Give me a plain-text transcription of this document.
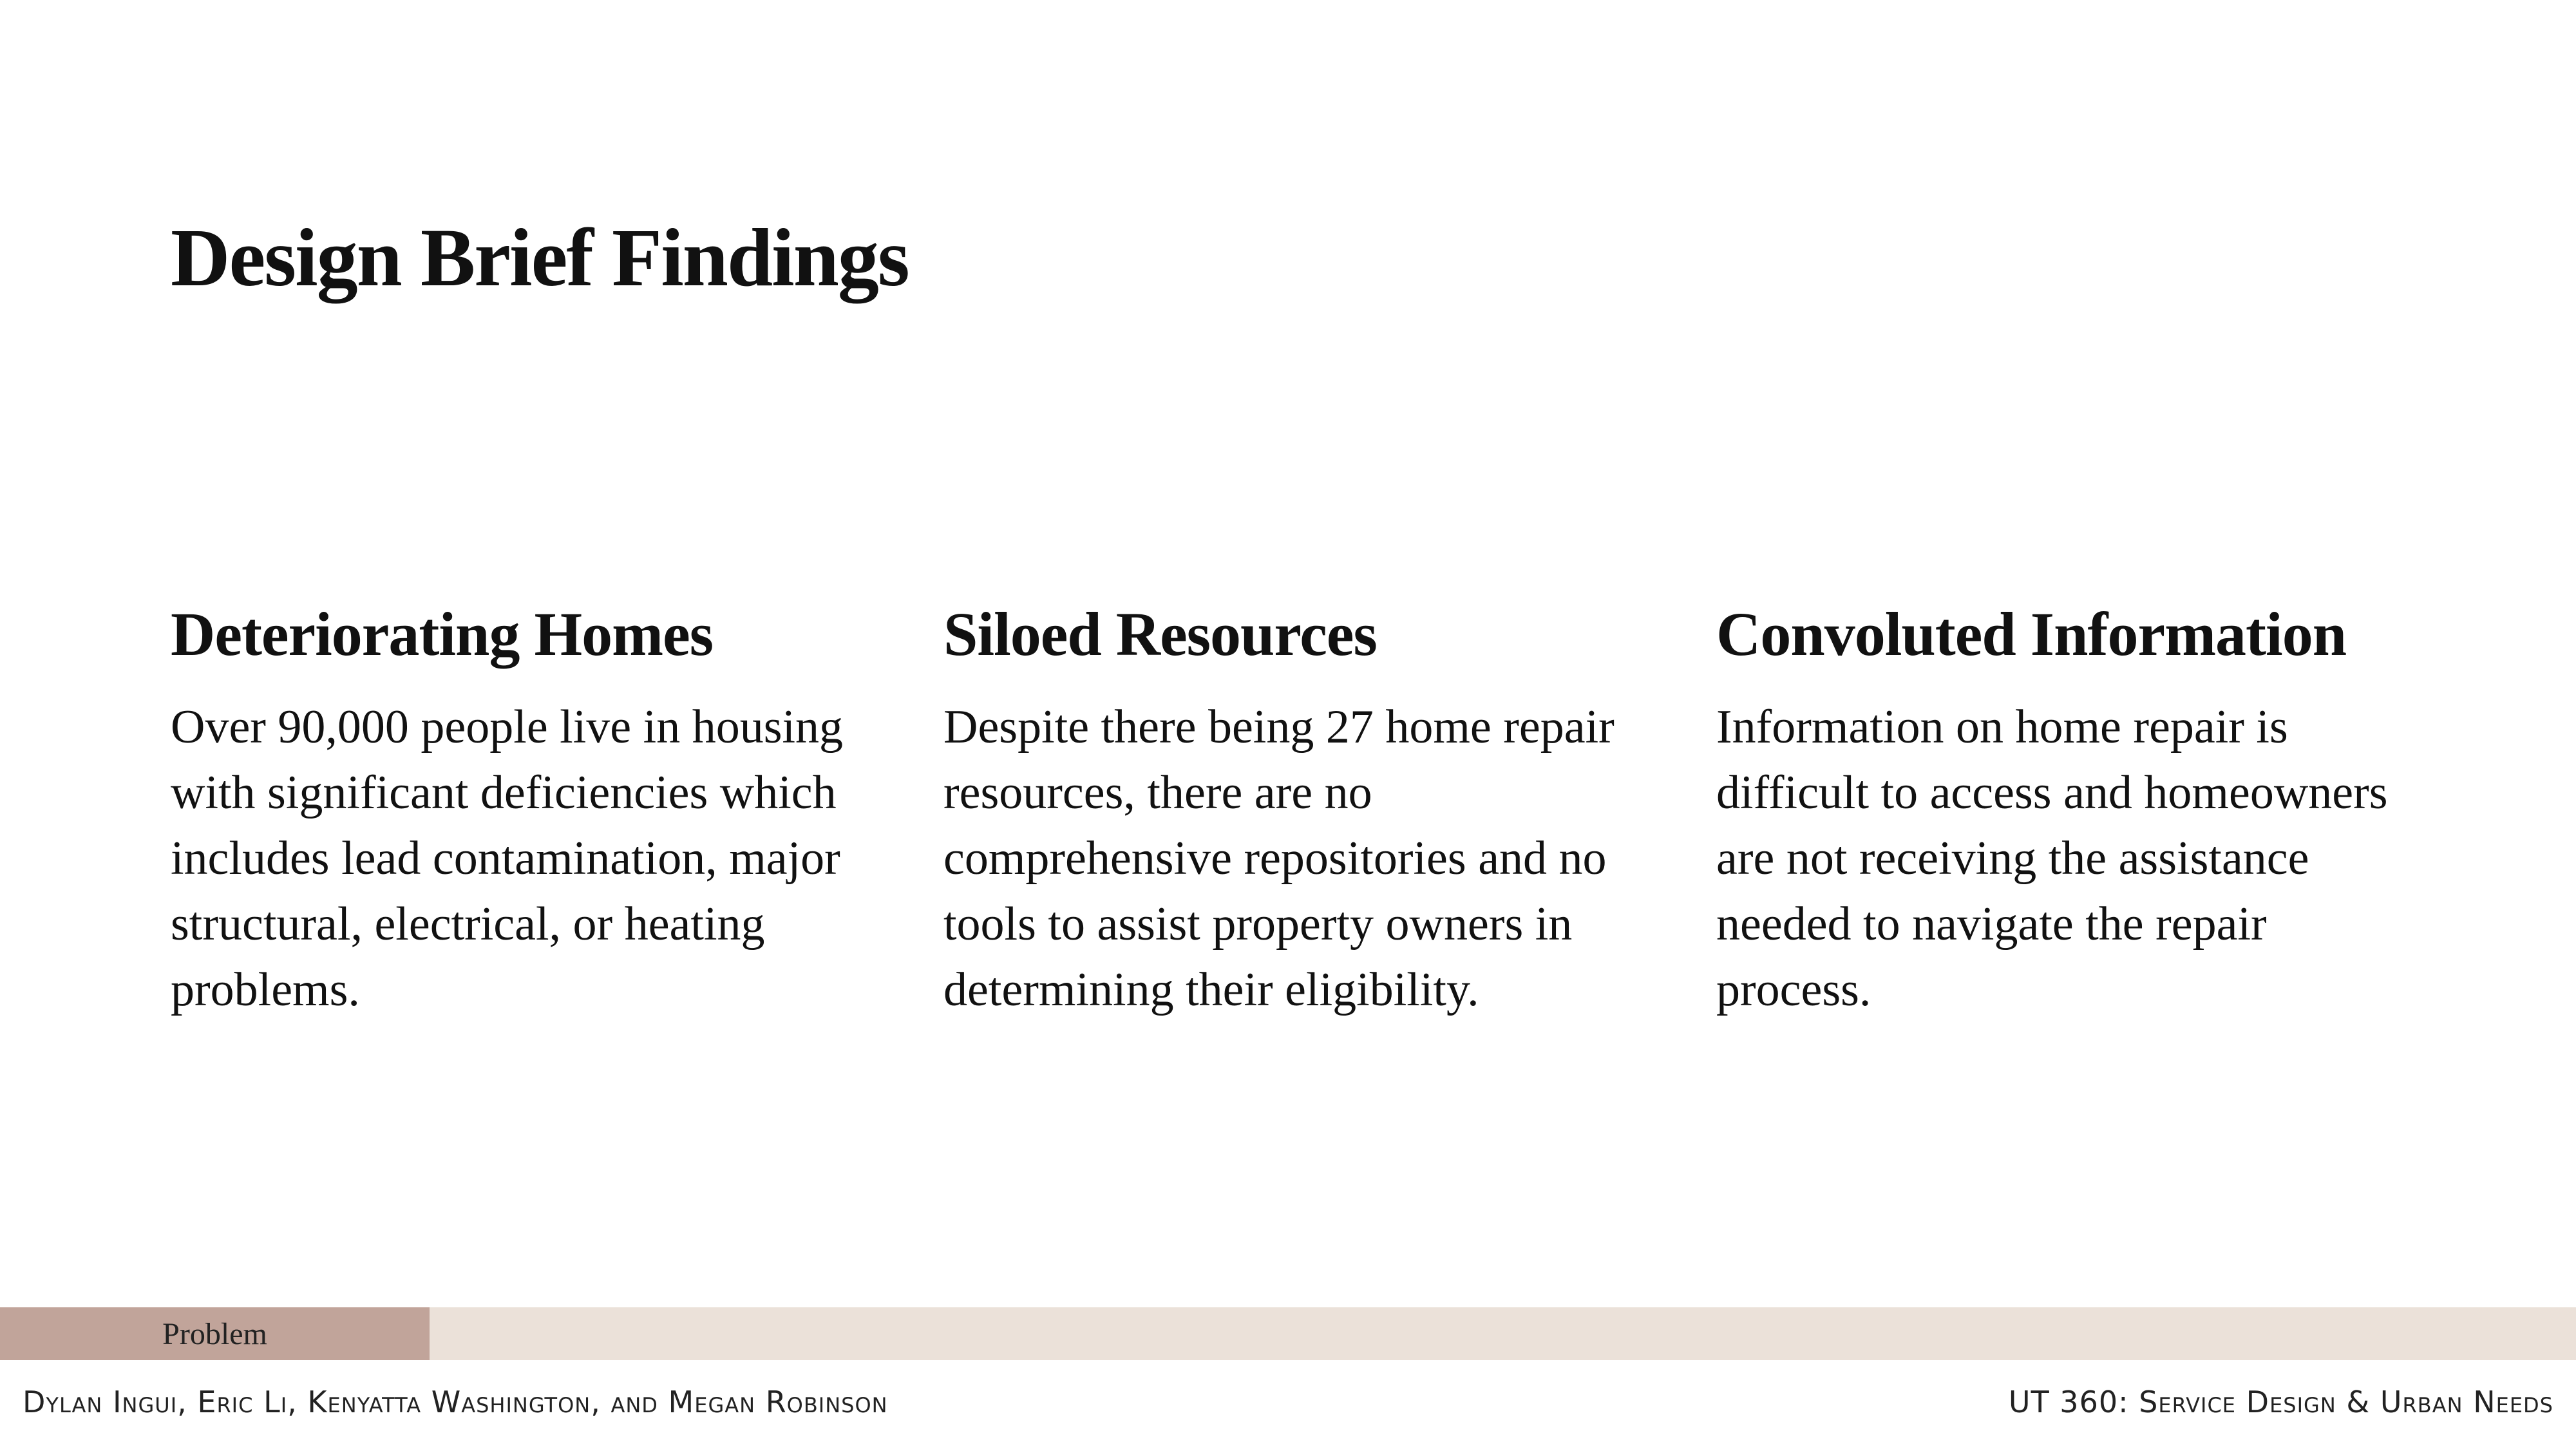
Design Brief Findings
Deteriorating Homes

Over 90,000 people live in housing with significant deficiencies which includes lead contamination, major structural, electrical, or heating problems.

Siloed Resources

Despite there being 27 home repair resources, there are no comprehensive repositories and no tools to assist property owners in determining their eligibility.

Convoluted Information

Information on home repair is difficult to access and homeowners are not receiving the assistance needed to navigate the repair process.

Problem
Dylan Ingui, Eric Li, Kenyatta Washington, and Megan Robinson	UT 360: Service Design & Urban Needs
